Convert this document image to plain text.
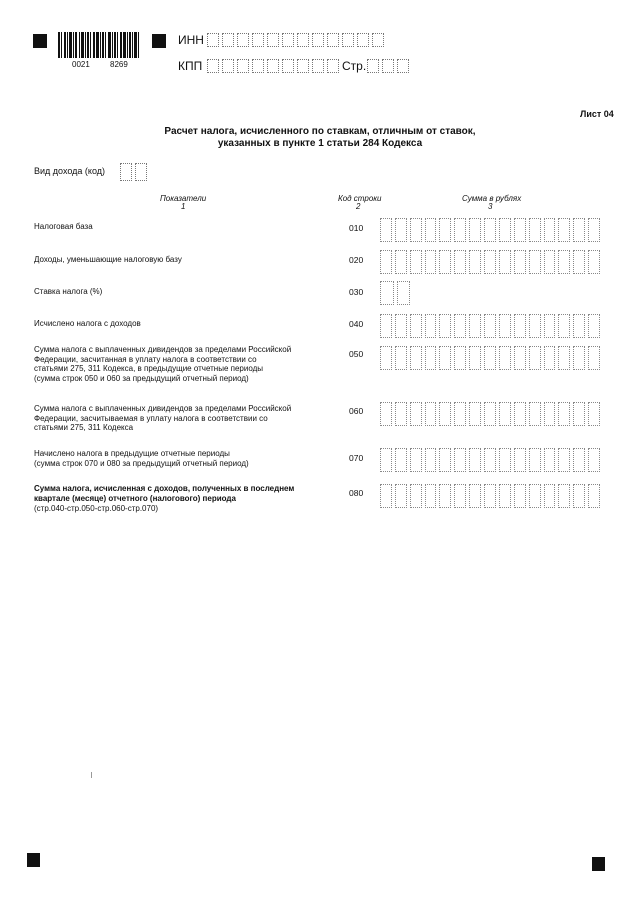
0021	8269
ИНН
КПП	Стр.
Лист 04
Расчет налога, исчисленного по ставкам, отличным от ставок,
указанных в пункте 1 статьи 284 Кодекса
Вид дохода (код)
Показатели
1
Код строки
2
Сумма в рублях
3
Налоговая база	010
Доходы, уменьшающие налоговую базу	020
Ставка налога (%)	030
Исчислено налога с доходов	040
Сумма налога с выплаченных дивидендов за пределами Российской
Федерации, засчитанная в уплату налога в соответствии со
статьями 275, 311 Кодекса, в предыдущие отчетные периоды
(сумма строк 050 и 060 за предыдущий отчетный период)
050
Сумма налога с выплаченных дивидендов за пределами Российской
Федерации, засчитываемая в уплату налога в соответствии со
статьями 275, 311 Кодекса
060
Начислено налога в предыдущие отчетные периоды
(сумма строк 070 и 080 за предыдущий отчетный период)
070
Сумма налога, исчисленная с доходов, полученных в последнем
квартале (месяце) отчетного (налогового) периода
(стр.040-стр.050-стр.060-стр.070)
080
